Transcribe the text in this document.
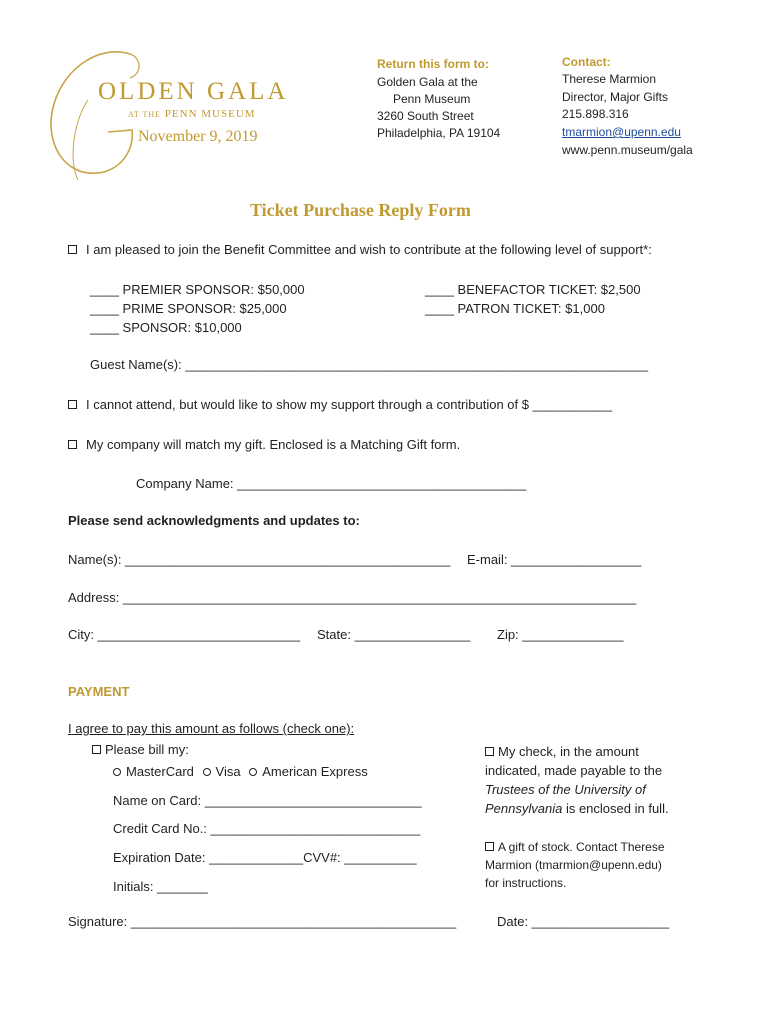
OLDEN GALA
AT THE PENN MUSEUM
November 9, 2019
Return this form to:
Golden Gala at the
Penn Museum
3260 South Street
Philadelphia, PA 19104
Contact:
Therese Marmion
Director, Major Gifts
215.898.316
tmarmion@upenn.edu
www.penn.museum/gala
Ticket Purchase Reply Form
I am pleased to join the Benefit Committee and wish to contribute at the following level of support*:
____ PREMIER SPONSOR: $50,000
____ PRIME SPONSOR: $25,000
____ SPONSOR: $10,000
____ BENEFACTOR TICKET: $2,500
____ PATRON TICKET: $1,000
Guest Name(s): ________________________________________________________________
I cannot attend, but would like to show my support through a contribution of $ ___________
My company will match my gift. Enclosed is a Matching Gift form.
Company Name: ________________________________________
Please send acknowledgments and updates to:
Name(s): _____________________________________________ E-mail: __________________
Address: _______________________________________________________________________
City: ____________________________ State: ________________ Zip: ______________
PAYMENT
I agree to pay this amount as follows (check one):
Please bill my:
MasterCard Visa American Express
Name on Card: ______________________________
Credit Card No.: _____________________________
Expiration Date: _____________CVV#: __________
Initials: _______
My check, in the amount
indicated, made payable to the
Trustees of the University of
Pennsylvania is enclosed in full.
A gift of stock. Contact Therese
Marmion (tmarmion@upenn.edu)
for instructions.
Signature: _____________________________________________	Date: ___________________
